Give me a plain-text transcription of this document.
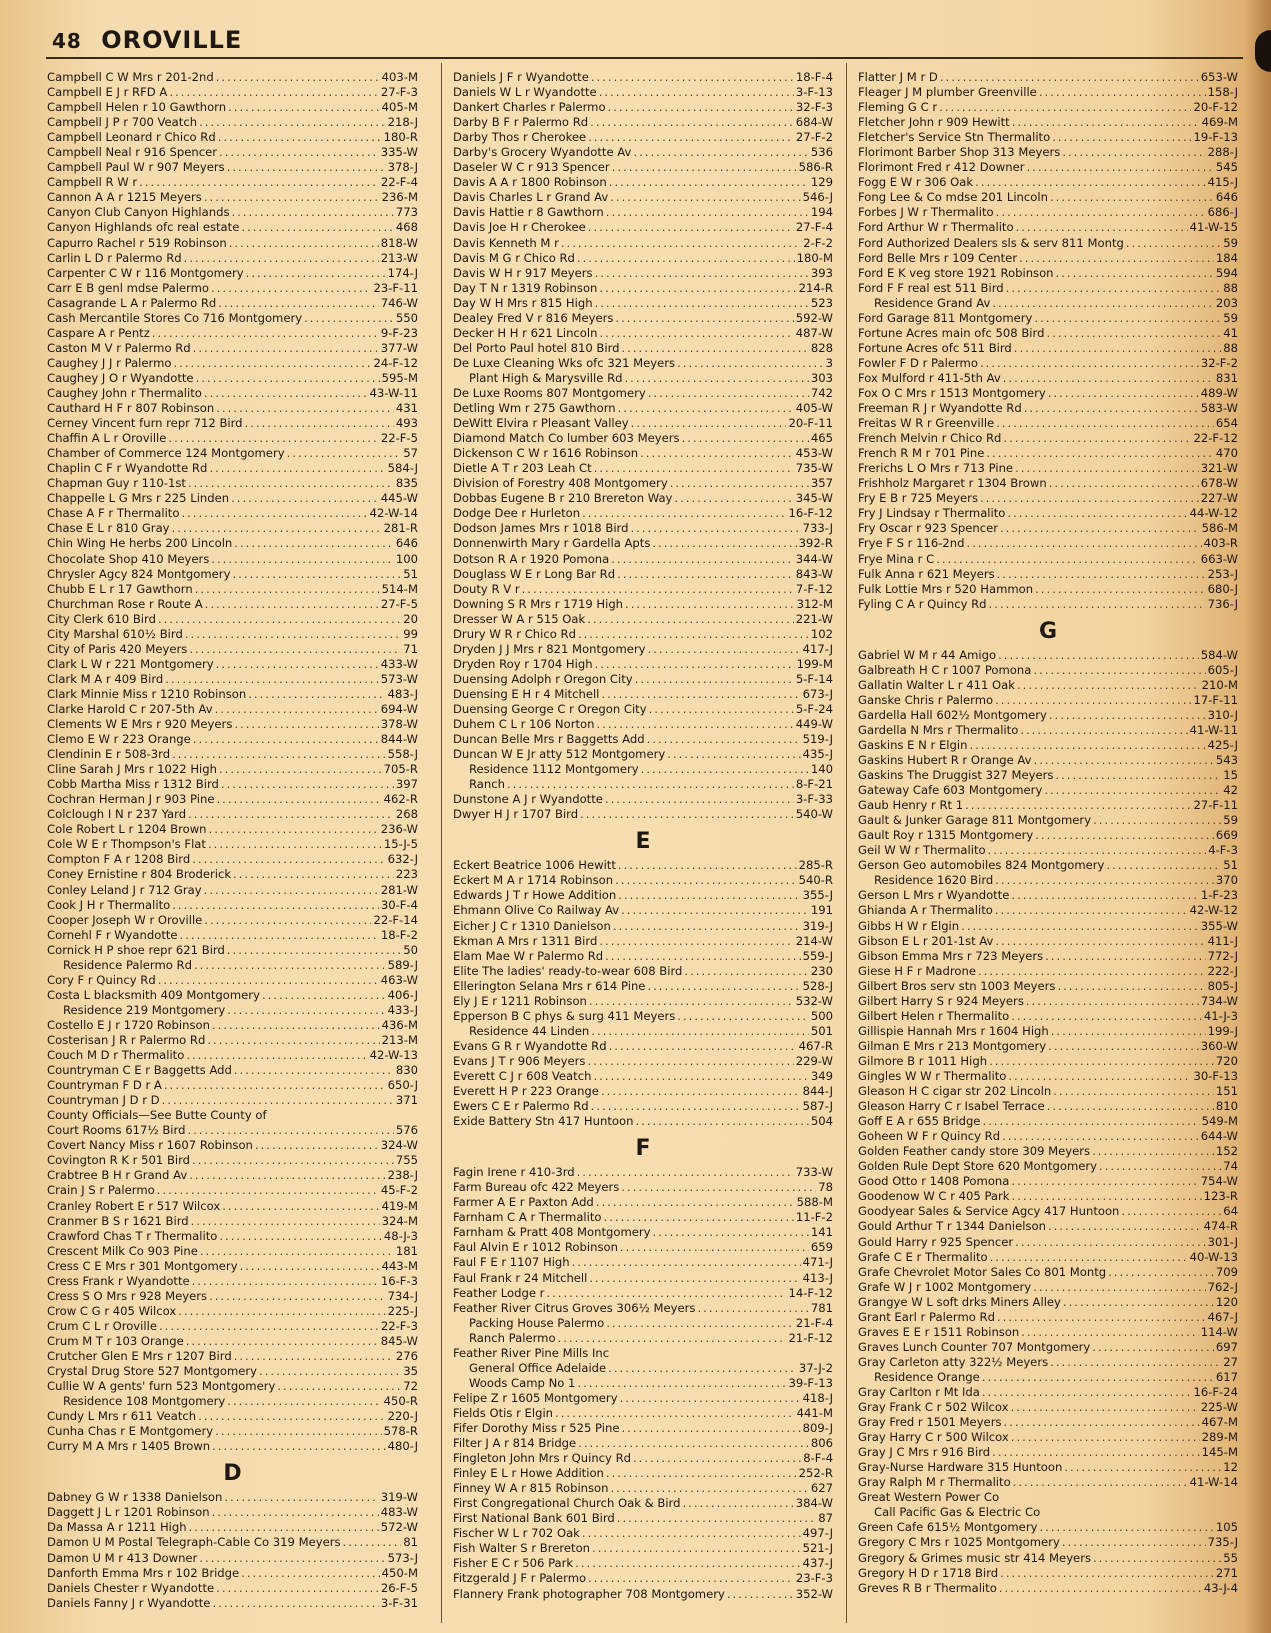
48 OROVILLE
Campbell C W Mrs r 201-2nd .....	403-M
Campbell E J r RFD A .....	27-F-3
Campbell Helen r 10 Gawthorn .....	405-M
Campbell J P r 700 Veatch .....	218-J
Campbell Leonard r Chico Rd .....	180-R
Campbell Neal r 916 Spencer .....	335-W
Campbell Paul W r 907 Meyers .....	378-J
Campbell R W r .....	22-F-4
Cannon A A r 1215 Meyers .....	236-M
Canyon Club Canyon Highlands .....	773
Canyon Highlands ofc real estate .....	468
Capurro Rachel r 519 Robinson .....	818-W
Carlin L D r Palermo Rd .....	213-W
Carpenter C W r 116 Montgomery .....	174-J
Carr E B genl mdse Palermo .....	23-F-11
Casagrande L A r Palermo Rd .....	746-W
Cash Mercantile Stores Co 716 Montgomery .....	550
Caspare A r Pentz .....	9-F-23
Caston M V r Palermo Rd .....	377-W
Caughey J J r Palermo .....	24-F-12
Caughey J O r Wyandotte .....	595-M
Caughey John r Thermalito .....	43-W-11
Cauthard H F r 807 Robinson .....	431
Cerney Vincent furn repr 712 Bird .....	493
Chaffin A L r Oroville .....	22-F-5
Chamber of Commerce 124 Montgomery .....	57
Chaplin C F r Wyandotte Rd .....	584-J
Chapman Guy r 110-1st .....	835
Chappelle L G Mrs r 225 Linden .....	445-W
Chase A F r Thermalito .....	42-W-14
Chase E L r 810 Gray .....	281-R
Chin Wing He herbs 200 Lincoln .....	646
Chocolate Shop 410 Meyers .....	100
Chrysler Agcy 824 Montgomery .....	51
Chubb E L r 17 Gawthorn .....	514-M
Churchman Rose r Route A .....	27-F-5
City Clerk 610 Bird .....	20
City Marshal 610½ Bird .....	99
City of Paris 420 Meyers .....	71
Clark L W r 221 Montgomery .....	433-W
Clark M A r 409 Bird .....	573-W
Clark Minnie Miss r 1210 Robinson .....	483-J
Clarke Harold C r 207-5th Av .....	694-W
Clements W E Mrs r 920 Meyers .....	378-W
Clemo E W r 223 Orange .....	844-W
Clendinin E r 508-3rd .....	558-J
Cline Sarah J Mrs r 1022 High .....	705-R
Cobb Martha Miss r 1312 Bird .....	397
Cochran Herman J r 903 Pine .....	462-R
Colclough I N r 237 Yard .....	268
Cole Robert L r 1204 Brown .....	236-W
Cole W E r Thompson's Flat .....	15-J-5
Compton F A r 1208 Bird .....	632-J
Coney Ernistine r 804 Broderick .....	223
Conley Leland J r 712 Gray .....	281-W
Cook J H r Thermalito .....	30-F-4
Cooper Joseph W r Oroville .....	22-F-14
Cornehl F r Wyandotte .....	18-F-2
Cornick H P shoe repr 621 Bird .....	50
Residence Palermo Rd .....	589-J
Cory F r Quincy Rd .....	463-W
Costa L blacksmith 409 Montgomery .....	406-J
Residence 219 Montgomery .....	433-J
Costello E J r 1720 Robinson .....	436-M
Costerisan J R r Palermo Rd .....	213-M
Couch M D r Thermalito .....	42-W-13
Countryman C E r Baggetts Add .....	830
Countryman F D r A .....	650-J
Countryman J D r D .....	371
County Officials—See Butte County of
Court Rooms 617½ Bird .....	576
Covert Nancy Miss r 1607 Robinson .....	324-W
Covington R K r 501 Bird .....	755
Crabtree B H r Grand Av .....	238-J
Crain J S r Palermo .....	45-F-2
Cranley Robert E r 517 Wilcox .....	419-M
Cranmer B S r 1621 Bird .....	324-M
Crawford Chas T r Thermalito .....	48-J-3
Crescent Milk Co 903 Pine .....	181
Cress C E Mrs r 301 Montgomery .....	443-M
Cress Frank r Wyandotte .....	16-F-3
Cress S O Mrs r 928 Meyers .....	734-J
Crow C G r 405 Wilcox .....	225-J
Crum C L r Oroville .....	22-F-3
Crum M T r 103 Orange .....	845-W
Crutcher Glen E Mrs r 1207 Bird .....	276
Crystal Drug Store 527 Montgomery .....	35
Cullie W A gents' furn 523 Montgomery .....	72
Residence 108 Montgomery .....	450-R
Cundy L Mrs r 611 Veatch .....	220-J
Cunha Chas r E Montgomery .....	578-R
Curry M A Mrs r 1405 Brown .....	480-J
D
Dabney G W r 1338 Danielson .....	319-W
Daggett J L r 1201 Robinson .....	483-W
Da Massa A r 1211 High .....	572-W
Damon U M Postal Telegraph-Cable Co 319 Meyers .....	81
Damon U M r 413 Downer .....	573-J
Danforth Emma Mrs r 102 Bridge .....	450-M
Daniels Chester r Wyandotte .....	26-F-5
Daniels Fanny J r Wyandotte .....	3-F-31
Daniels J F r Wyandotte .....	18-F-4
Daniels W L r Wyandotte .....	3-F-13
Dankert Charles r Palermo .....	32-F-3
Darby B F r Palermo Rd .....	684-W
Darby Thos r Cherokee .....	27-F-2
Darby's Grocery Wyandotte Av .....	536
Daseler W C r 913 Spencer .....	586-R
Davis A A r 1800 Robinson .....	129
Davis Charles L r Grand Av .....	546-J
Davis Hattie r 8 Gawthorn .....	194
Davis Joe H r Cherokee .....	27-F-4
Davis Kenneth M r .....	2-F-2
Davis M G r Chico Rd .....	180-M
Davis W H r 917 Meyers .....	393
Day T N r 1319 Robinson .....	214-R
Day W H Mrs r 815 High .....	523
Dealey Fred V r 816 Meyers .....	592-W
Decker H H r 621 Lincoln .....	487-W
Del Porto Paul hotel 810 Bird .....	828
De Luxe Cleaning Wks ofc 321 Meyers .....	3
Plant High & Marysville Rd .....	303
De Luxe Rooms 807 Montgomery .....	742
Detling Wm r 275 Gawthorn .....	405-W
DeWitt Elvira r Pleasant Valley .....	20-F-11
Diamond Match Co lumber 603 Meyers .....	465
Dickenson C W r 1616 Robinson .....	453-W
Dietle A T r 203 Leah Ct .....	735-W
Division of Forestry 408 Montgomery .....	357
Dobbas Eugene B r 210 Brereton Way .....	345-W
Dodge Dee r Hurleton .....	16-F-12
Dodson James Mrs r 1018 Bird .....	733-J
Donnenwirth Mary r Gardella Apts .....	392-R
Dotson R A r 1920 Pomona .....	344-W
Douglass W E r Long Bar Rd .....	843-W
Douty R V r .....	7-F-12
Downing S R Mrs r 1719 High .....	312-M
Dresser W A r 515 Oak .....	221-W
Drury W R r Chico Rd .....	102
Dryden J J Mrs r 821 Montgomery .....	417-J
Dryden Roy r 1704 High .....	199-M
Duensing Adolph r Oregon City .....	5-F-14
Duensing E H r 4 Mitchell .....	673-J
Duensing George C r Oregon City .....	5-F-24
Duhem C L r 106 Norton .....	449-W
Duncan Belle Mrs r Baggetts Add .....	519-J
Duncan W E Jr atty 512 Montgomery .....	435-J
Residence 1112 Montgomery .....	140
Ranch .....	8-F-21
Dunstone A J r Wyandotte .....	3-F-33
Dwyer H J r 1707 Bird .....	540-W
E
Eckert Beatrice 1006 Hewitt .....	285-R
Eckert M A r 1714 Robinson .....	540-R
Edwards J T r Howe Addition .....	355-J
Ehmann Olive Co Railway Av .....	191
Eicher J C r 1310 Danielson .....	319-J
Ekman A Mrs r 1311 Bird .....	214-W
Elam Mae W r Palermo Rd .....	559-J
Elite The ladies' ready-to-wear 608 Bird .....	230
Ellerington Selana Mrs r 614 Pine .....	528-J
Ely J E r 1211 Robinson .....	532-W
Epperson B C phys & surg 411 Meyers .....	500
Residence 44 Linden .....	501
Evans G R r Wyandotte Rd .....	467-R
Evans J T r 906 Meyers .....	229-W
Everett C J r 608 Veatch .....	349
Everett H P r 223 Orange .....	844-J
Ewers C E r Palermo Rd .....	587-J
Exide Battery Stn 417 Huntoon .....	504
F
Fagin Irene r 410-3rd .....	733-W
Farm Bureau ofc 422 Meyers .....	78
Farmer A E r Paxton Add .....	588-M
Farnham C A r Thermalito .....	11-F-2
Farnham & Pratt 408 Montgomery .....	141
Faul Alvin E r 1012 Robinson .....	659
Faul F E r 1107 High .....	471-J
Faul Frank r 24 Mitchell .....	413-J
Feather Lodge r .....	14-F-12
Feather River Citrus Groves 306½ Meyers .....	781
Packing House Palermo .....	21-F-4
Ranch Palermo .....	21-F-12
Feather River Pine Mills Inc
General Office Adelaide .....	37-J-2
Woods Camp No 1 .....	39-F-13
Felipe Z r 1605 Montgomery .....	418-J
Fields Otis r Elgin .....	441-M
Fifer Dorothy Miss r 525 Pine .....	809-J
Filter J A r 814 Bridge .....	806
Fingleton John Mrs r Quincy Rd .....	8-F-4
Finley E L r Howe Addition .....	252-R
Finney W A r 815 Robinson .....	627
First Congregational Church Oak & Bird .....	384-W
First National Bank 601 Bird .....	87
Fischer W L r 702 Oak .....	497-J
Fish Walter S r Brereton .....	521-J
Fisher E C r 506 Park .....	437-J
Fitzgerald J F r Palermo .....	23-F-3
Flannery Frank photographer 708 Montgomery .....	352-W
Flatter J M r D .....	653-W
Fleager J M plumber Greenville .....	158-J
Fleming G C r .....	20-F-12
Fletcher John r 909 Hewitt .....	469-M
Fletcher's Service Stn Thermalito .....	19-F-13
Florimont Barber Shop 313 Meyers .....	288-J
Florimont Fred r 412 Downer .....	545
Fogg E W r 306 Oak .....	415-J
Fong Lee & Co mdse 201 Lincoln .....	646
Forbes J W r Thermalito .....	686-J
Ford Arthur W r Thermalito .....	41-W-15
Ford Authorized Dealers sls & serv 811 Montg .....	59
Ford Belle Mrs r 109 Center .....	184
Ford E K veg store 1921 Robinson .....	594
Ford F F real est 511 Bird .....	88
Residence Grand Av .....	203
Ford Garage 811 Montgomery .....	59
Fortune Acres main ofc 508 Bird .....	41
Fortune Acres ofc 511 Bird .....	88
Fowler F D r Palermo .....	32-F-2
Fox Mulford r 411-5th Av .....	831
Fox O C Mrs r 1513 Montgomery .....	489-W
Freeman R J r Wyandotte Rd .....	583-W
Freitas W R r Greenville .....	654
French Melvin r Chico Rd .....	22-F-12
French R M r 701 Pine .....	470
Frerichs L O Mrs r 713 Pine .....	321-W
Frishholz Margaret r 1304 Brown .....	678-W
Fry E B r 725 Meyers .....	227-W
Fry J Lindsay r Thermalito .....	44-W-12
Fry Oscar r 923 Spencer .....	586-M
Frye F S r 116-2nd .....	403-R
Frye Mina r C .....	663-W
Fulk Anna r 621 Meyers .....	253-J
Fulk Lottie Mrs r 520 Hammon .....	680-J
Fyling C A r Quincy Rd .....	736-J
G
Gabriel W M r 44 Amigo .....	584-W
Galbreath H C r 1007 Pomona .....	605-J
Gallatin Walter L r 411 Oak .....	210-M
Ganske Chris r Palermo .....	17-F-11
Gardella Hall 602½ Montgomery .....	310-J
Gardella N Mrs r Thermalito .....	41-W-11
Gaskins E N r Elgin .....	425-J
Gaskins Hubert R r Orange Av .....	543
Gaskins The Druggist 327 Meyers .....	15
Gateway Cafe 603 Montgomery .....	42
Gaub Henry r Rt 1 .....	27-F-11
Gault & Junker Garage 811 Montgomery .....	59
Gault Roy r 1315 Montgomery .....	669
Geil W W r Thermalito .....	4-F-3
Gerson Geo automobiles 824 Montgomery .....	51
Residence 1620 Bird .....	370
Gerson L Mrs r Wyandotte .....	1-F-23
Ghianda A r Thermalito .....	42-W-12
Gibbs H W r Elgin .....	355-W
Gibson E L r 201-1st Av .....	411-J
Gibson Emma Mrs r 723 Meyers .....	772-J
Giese H F r Madrone .....	222-J
Gilbert Bros serv stn 1003 Meyers .....	805-J
Gilbert Harry S r 924 Meyers .....	734-W
Gilbert Helen r Thermalito .....	41-J-3
Gillispie Hannah Mrs r 1604 High .....	199-J
Gilman E Mrs r 213 Montgomery .....	360-W
Gilmore B r 1011 High .....	720
Gingles W W r Thermalito .....	30-F-13
Gleason H C cigar str 202 Lincoln .....	151
Gleason Harry C r Isabel Terrace .....	810
Goff E A r 655 Bridge .....	549-M
Goheen W F r Quincy Rd .....	644-W
Golden Feather candy store 309 Meyers .....	152
Golden Rule Dept Store 620 Montgomery .....	74
Good Otto r 1408 Pomona .....	754-W
Goodenow W C r 405 Park .....	123-R
Goodyear Sales & Service Agcy 417 Huntoon .....	64
Gould Arthur T r 1344 Danielson .....	474-R
Gould Harry r 925 Spencer .....	301-J
Grafe C E r Thermalito .....	40-W-13
Grafe Chevrolet Motor Sales Co 801 Montg .....	709
Grafe W J r 1002 Montgomery .....	762-J
Grangye W L soft drks Miners Alley .....	120
Grant Earl r Palermo Rd .....	467-J
Graves E E r 1511 Robinson .....	114-W
Graves Lunch Counter 707 Montgomery .....	697
Gray Carleton atty 322½ Meyers .....	27
Residence Orange .....	617
Gray Carlton r Mt Ida .....	16-F-24
Gray Frank C r 502 Wilcox .....	225-W
Gray Fred r 1501 Meyers .....	467-M
Gray Harry C r 500 Wilcox .....	289-M
Gray J C Mrs r 916 Bird .....	145-M
Gray-Nurse Hardware 315 Huntoon .....	12
Gray Ralph M r Thermalito .....	41-W-14
Great Western Power Co
Call Pacific Gas & Electric Co
Green Cafe 615½ Montgomery .....	105
Gregory C Mrs r 1025 Montgomery .....	735-J
Gregory & Grimes music str 414 Meyers .....	55
Gregory H D r 1718 Bird .....	271
Greves R B r Thermalito .....	43-J-4
